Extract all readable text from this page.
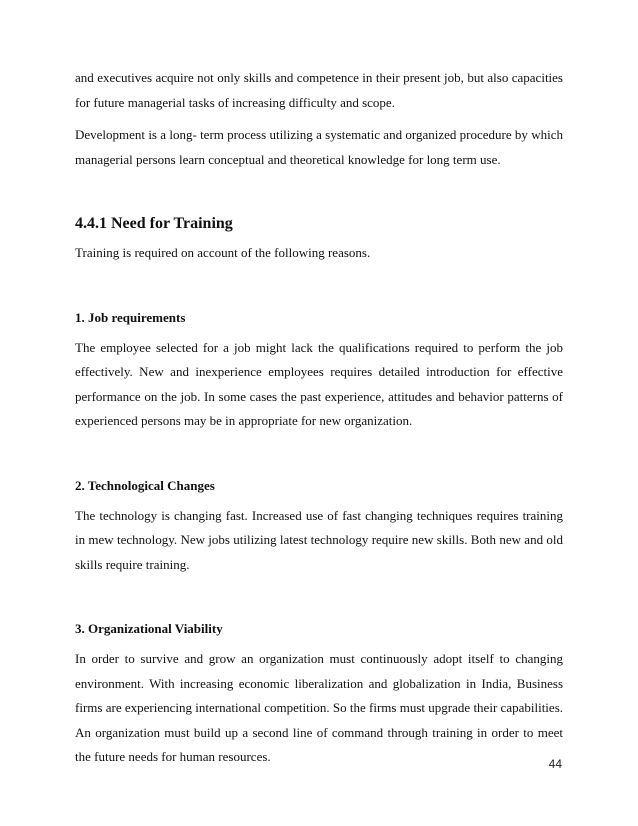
and executives acquire not only skills and competence in their present job, but also capacities for future managerial tasks of increasing difficulty and scope.

Development is a long- term process utilizing a systematic and organized procedure by which managerial persons learn conceptual and theoretical knowledge for long term use.

4.4.1 Need for Training

Training is required on account of the following reasons.

1. Job requirements

The employee selected for a job might lack the qualifications required to perform the job effectively. New and inexperience employees requires detailed introduction for effective performance on the job. In some cases the past experience, attitudes and behavior patterns of experienced persons may be in appropriate for new organization.

2. Technological Changes

The technology is changing fast. Increased use of fast changing techniques requires training in mew technology. New jobs utilizing latest technology require new skills. Both new and old skills require training.

3. Organizational Viability

In order to survive and grow an organization must continuously adopt itself to changing environment. With increasing economic liberalization and globalization in India, Business firms are experiencing international competition. So the firms must upgrade their capabilities. An organization must build up a second line of command through training in order to meet the future needs for human resources.	44
